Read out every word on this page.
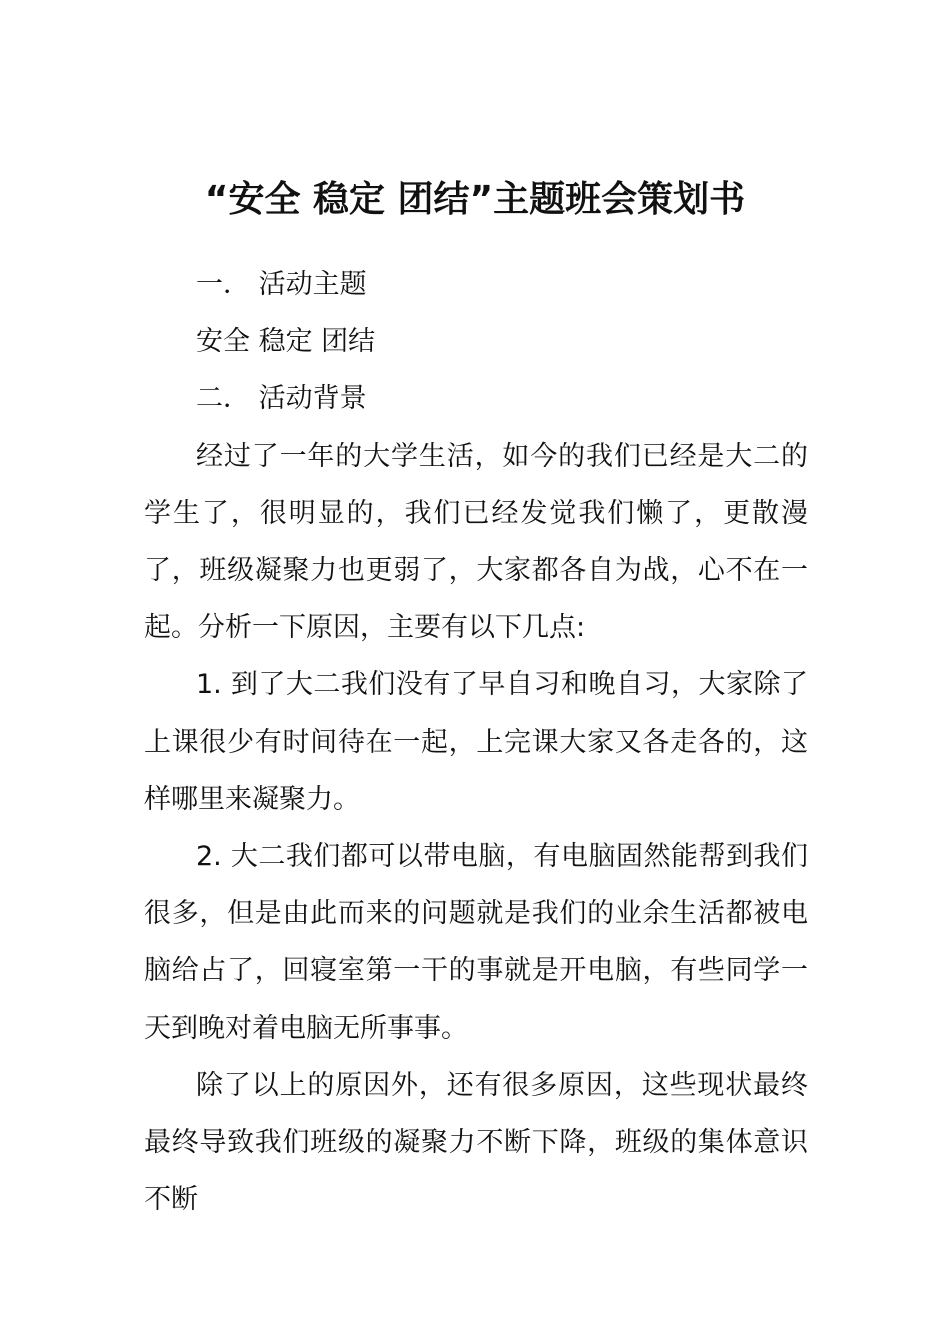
“安全 稳定 团结”主题班会策划书

一． 活动主题

安全 稳定 团结

二． 活动背景

经过了一年的大学生活，如今的我们已经是大二的学生了，很明显的，我们已经发觉我们懒了，更散漫了，班级凝聚力也更弱了，大家都各自为战，心不在一起。分析一下原因，主要有以下几点:

1. 到了大二我们没有了早自习和晚自习，大家除了上课很少有时间待在一起，上完课大家又各走各的，这样哪里来凝聚力。

2. 大二我们都可以带电脑，有电脑固然能帮到我们很多，但是由此而来的问题就是我们的业余生活都被电脑给占了，回寝室第一干的事就是开电脑，有些同学一天到晚对着电脑无所事事。

除了以上的原因外，还有很多原因，这些现状最终最终导致我们班级的凝聚力不断下降，班级的集体意识不断
